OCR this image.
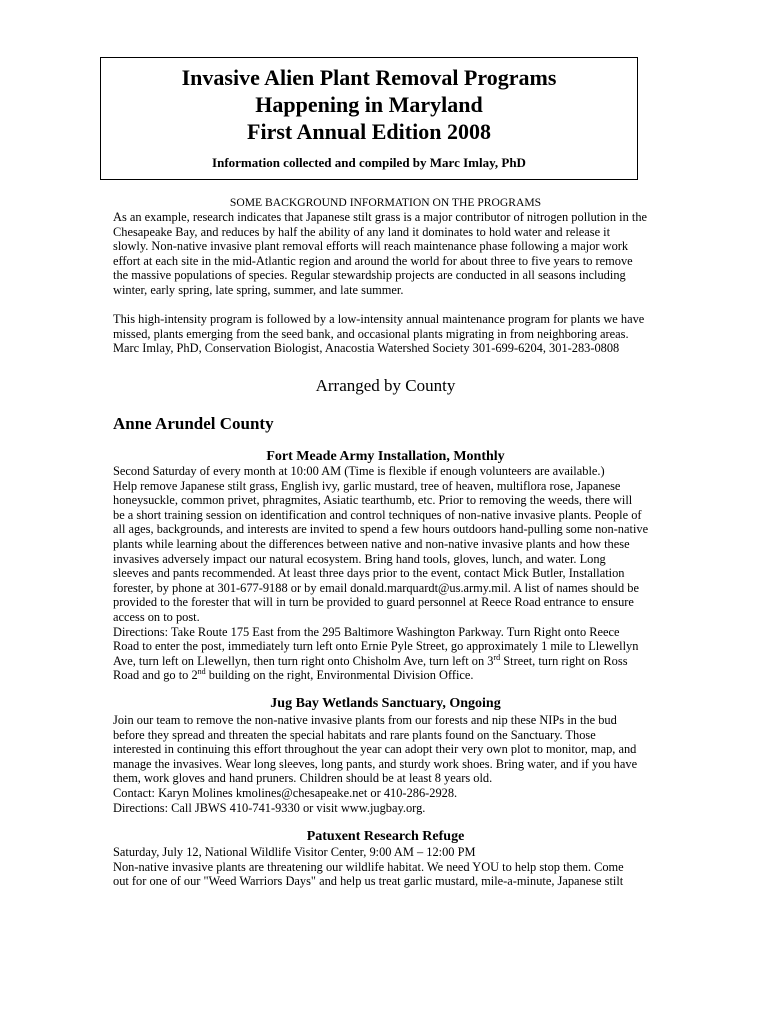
Invasive Alien Plant Removal Programs
Happening in Maryland
First Annual Edition 2008
Information collected and compiled by Marc Imlay, PhD
SOME BACKGROUND INFORMATION ON THE PROGRAMS
As an example, research indicates that Japanese stilt grass is a major contributor of nitrogen pollution in the
Chesapeake Bay, and reduces by half the ability of any land it dominates to hold water and release it
slowly. Non-native invasive plant removal efforts will reach maintenance phase following a major work
effort at each site in the mid-Atlantic region and around the world for about three to five years to remove
the massive populations of species. Regular stewardship projects are conducted in all seasons including
winter, early spring, late spring, summer, and late summer.
This high-intensity program is followed by a low-intensity annual maintenance program for plants we have
missed, plants emerging from the seed bank, and occasional plants migrating in from neighboring areas.
Marc Imlay, PhD, Conservation Biologist, Anacostia Watershed Society 301-699-6204, 301-283-0808
Arranged by County
Anne Arundel County
Fort Meade Army Installation, Monthly
Second Saturday of every month at 10:00 AM (Time is flexible if enough volunteers are available.)
Help remove Japanese stilt grass, English ivy, garlic mustard, tree of heaven, multiflora rose, Japanese
honeysuckle, common privet, phragmites, Asiatic tearthumb, etc. Prior to removing the weeds, there will
be a short training session on identification and control techniques of non-native invasive plants. People of
all ages, backgrounds, and interests are invited to spend a few hours outdoors hand-pulling some non-native
plants while learning about the differences between native and non-native invasive plants and how these
invasives adversely impact our natural ecosystem. Bring hand tools, gloves, lunch, and water. Long
sleeves and pants recommended. At least three days prior to the event, contact Mick Butler, Installation
forester, by phone at 301-677-9188 or by email donald.marquardt@us.army.mil. A list of names should be
provided to the forester that will in turn be provided to guard personnel at Reece Road entrance to ensure
access on to post.
Directions: Take Route 175 East from the 295 Baltimore Washington Parkway. Turn Right onto Reece
Road to enter the post, immediately turn left onto Ernie Pyle Street, go approximately 1 mile to Llewellyn
Ave, turn left on Llewellyn, then turn right onto Chisholm Ave, turn left on 3rd Street, turn right on Ross
Road and go to 2nd building on the right, Environmental Division Office.
Jug Bay Wetlands Sanctuary, Ongoing
Join our team to remove the non-native invasive plants from our forests and nip these NIPs in the bud
before they spread and threaten the special habitats and rare plants found on the Sanctuary. Those
interested in continuing this effort throughout the year can adopt their very own plot to monitor, map, and
manage the invasives. Wear long sleeves, long pants, and sturdy work shoes. Bring water, and if you have
them, work gloves and hand pruners. Children should be at least 8 years old.
Contact: Karyn Molines kmolines@chesapeake.net or 410-286-2928.
Directions: Call JBWS 410-741-9330 or visit www.jugbay.org.
Patuxent Research Refuge
Saturday, July 12, National Wildlife Visitor Center, 9:00 AM – 12:00 PM
Non-native invasive plants are threatening our wildlife habitat. We need YOU to help stop them. Come
out for one of our "Weed Warriors Days" and help us treat garlic mustard, mile-a-minute, Japanese stilt
